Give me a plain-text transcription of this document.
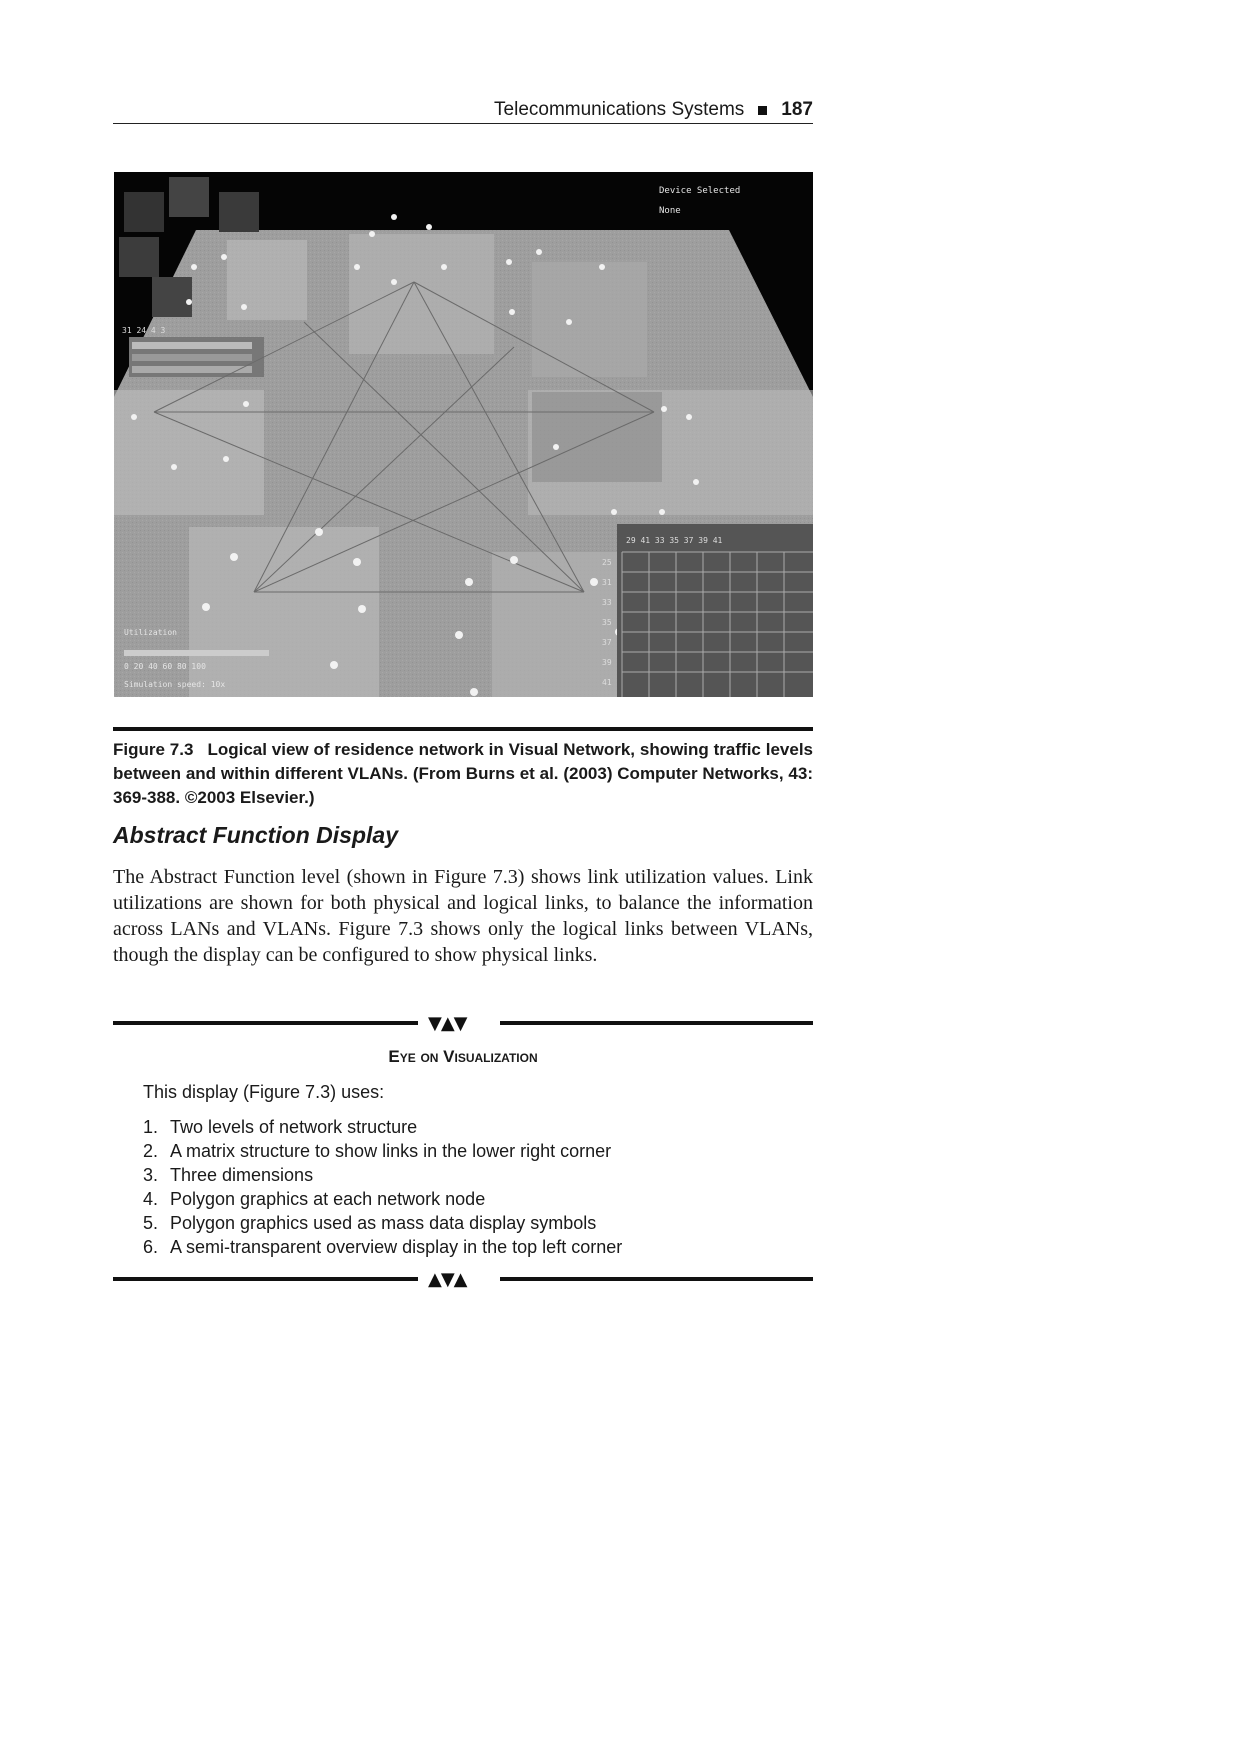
Telecommunications Systems 187
31 24 4 3
29 41 33 35 37 39 41
25
31
33
35
37
39
41
Device Selected
None
Utilization
0 20 40 60 80 100
Simulation speed: 10x
Figure 7.3 Logical view of residence network in Visual Network, showing traffic levels between and within different VLANs. (From Burns et al. (2003) Computer Networks, 43: 369-388. ©2003 Elsevier.)
Abstract Function Display
The Abstract Function level (shown in Figure 7.3) shows link utilization values. Link utilizations are shown for both physical and logical links, to balance the information across LANs and VLANs. Figure 7.3 shows only the logical links between VLANs, though the display can be configured to show physical links.
▼▲▼
Eye on Visualization
This display (Figure 7.3) uses:
1. Two levels of network structure
2. A matrix structure to show links in the lower right corner
3. Three dimensions
4. Polygon graphics at each network node
5. Polygon graphics used as mass data display symbols
6. A semi-transparent overview display in the top left corner
▲▼▲
